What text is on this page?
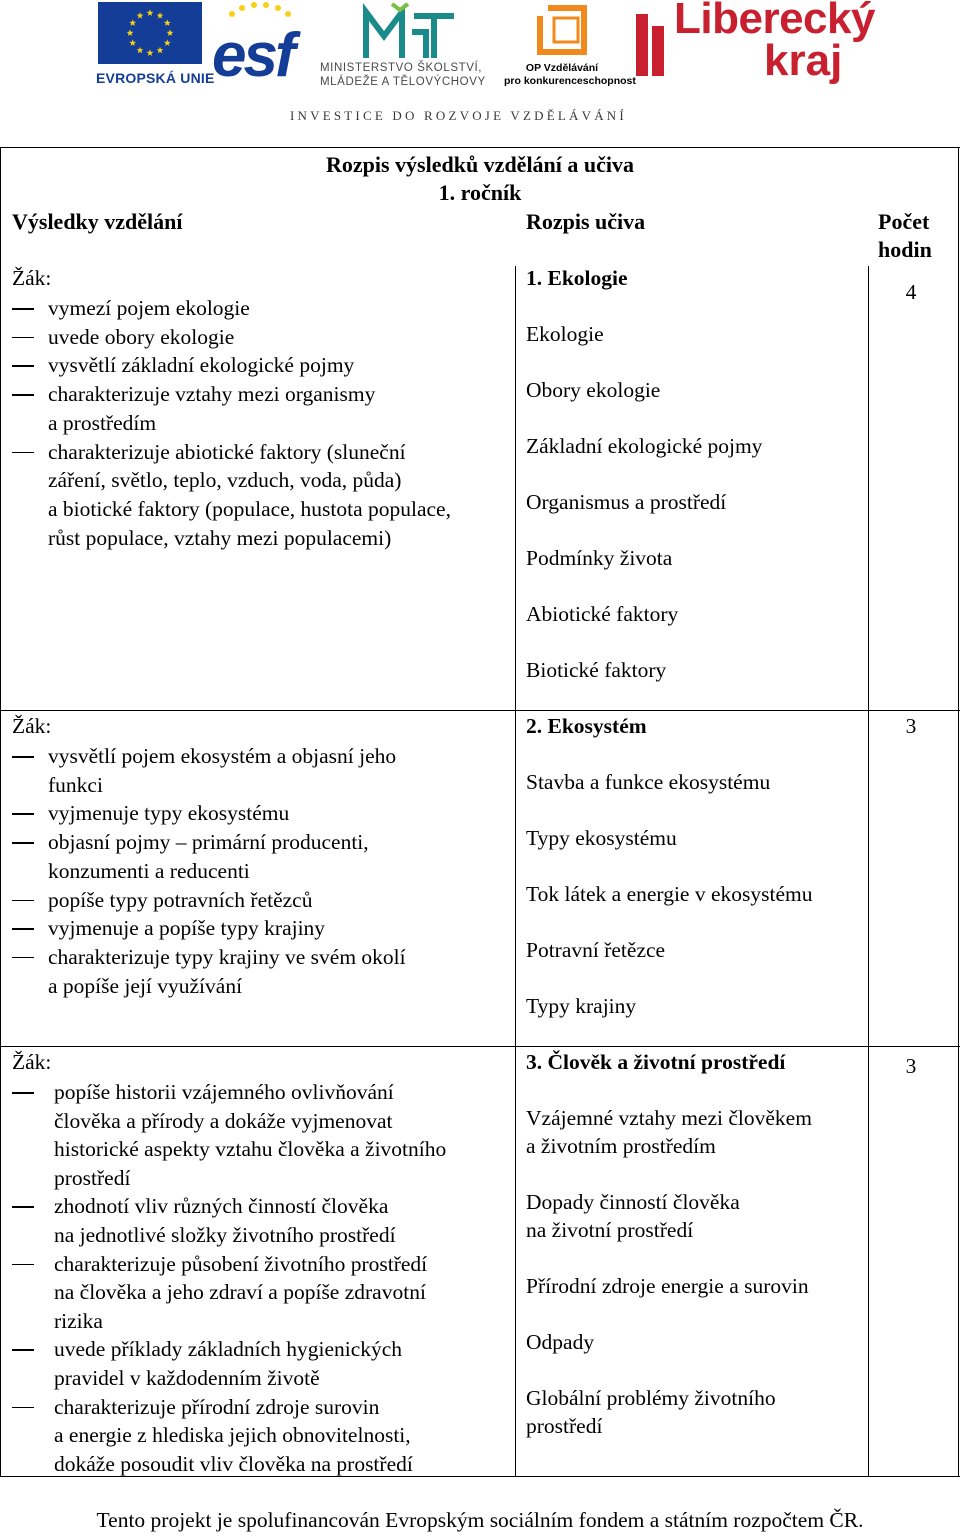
EVROPSKÁ UNIE
esf MINISTERSTVO ŠKOLSTVÍ,
MLÁDEŽE A TĚLOVÝCHOVY
OP Vzdělávání
pro konkurenceschopnost
Liberecký
kraj
INVESTICE DO ROZVOJE VZDĚLÁVÁNÍ
Rozpis výsledků vzdělání a učiva
1. ročník
Výsledky vzdělání	Rozpis učiva	Počet
hodin
Žák:
vymezí pojem ekologie
uvede obory ekologie
vysvětlí základní ekologické pojmy
charakterizuje vztahy mezi organismy
a prostředím
charakterizuje abiotické faktory (sluneční
záření, světlo, teplo, vzduch, voda, půda)
a biotické faktory (populace, hustota populace,
růst populace, vztahy mezi populacemi)
1. Ekologie
Ekologie
Obory ekologie
Základní ekologické pojmy
Organismus a prostředí
Podmínky života
Abiotické faktory
Biotické faktory
4
Žák:
vysvětlí pojem ekosystém a objasní jeho
funkci
vyjmenuje typy ekosystému
objasní pojmy – primární producenti,
konzumenti a reducenti
popíše typy potravních řetězců
vyjmenuje a popíše typy krajiny
charakterizuje typy krajiny ve svém okolí
a popíše její využívání
2. Ekosystém
Stavba a funkce ekosystému
Typy ekosystému
Tok látek a energie v ekosystému
Potravní řetězce
Typy krajiny
3
Žák:
popíše historii vzájemného ovlivňování
člověka a přírody a dokáže vyjmenovat
historické aspekty vztahu člověka a životního
prostředí
zhodnotí vliv různých činností člověka
na jednotlivé složky životního prostředí
charakterizuje působení životního prostředí
na člověka a jeho zdraví a popíše zdravotní
rizika
uvede příklady základních hygienických
pravidel v každodenním životě
charakterizuje přírodní zdroje surovin
a energie z hlediska jejich obnovitelnosti,
dokáže posoudit vliv člověka na prostředí
3. Člověk a životní prostředí
Vzájemné vztahy mezi člověkem
a životním prostředím
Dopady činností člověka
na životní prostředí
Přírodní zdroje energie a surovin
Odpady
Globální problémy životního
prostředí
3
Tento projekt je spolufinancován Evropským sociálním fondem a státním rozpočtem ČR.
